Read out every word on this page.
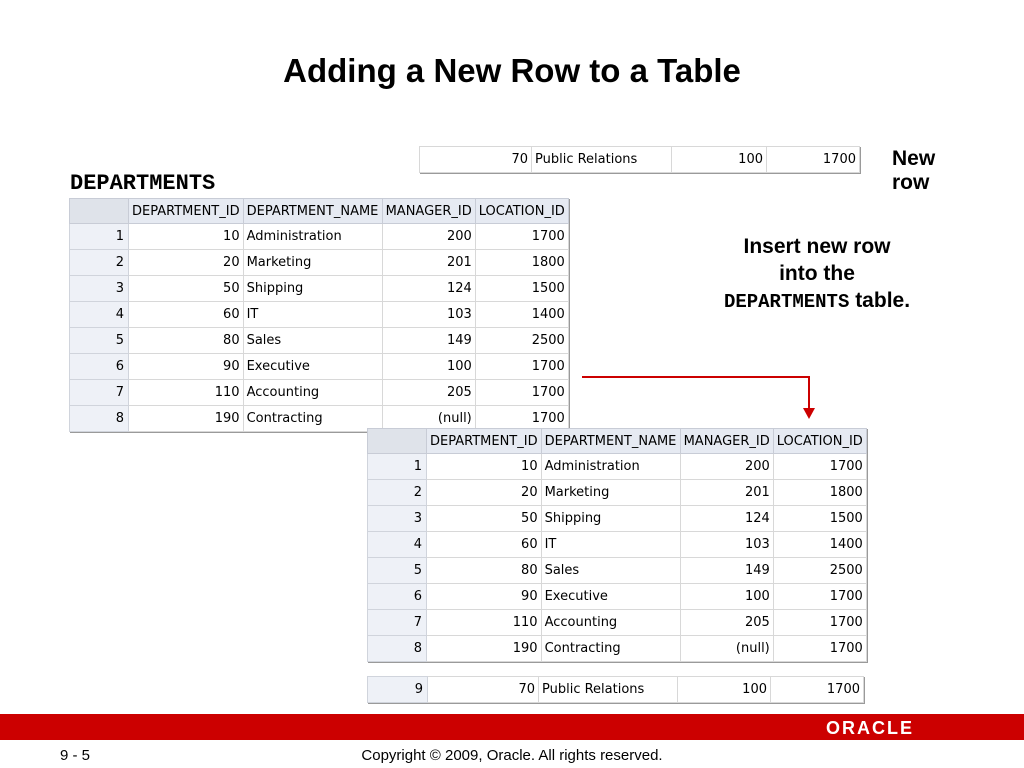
Adding a New Row to a Table
DEPARTMENTS
New
row
Insert new row
into the
DEPARTMENTS table.
70	Public Relations	100	1700
	DEPARTMENT_ID	DEPARTMENT_NAME	MANAGER_ID	LOCATION_ID
1	10	Administration	200	1700
2	20	Marketing	201	1800
3	50	Shipping	124	1500
4	60	IT	103	1400
5	80	Sales	149	2500
6	90	Executive	100	1700
7	110	Accounting	205	1700
8	190	Contracting	(null)	1700
	DEPARTMENT_ID	DEPARTMENT_NAME	MANAGER_ID	LOCATION_ID
1	10	Administration	200	1700
2	20	Marketing	201	1800
3	50	Shipping	124	1500
4	60	IT	103	1400
5	80	Sales	149	2500
6	90	Executive	100	1700
7	110	Accounting	205	1700
8	190	Contracting	(null)	1700
9	70	Public Relations	100	1700
ORACLE
9 - 5	Copyright © 2009, Oracle. All rights reserved.
